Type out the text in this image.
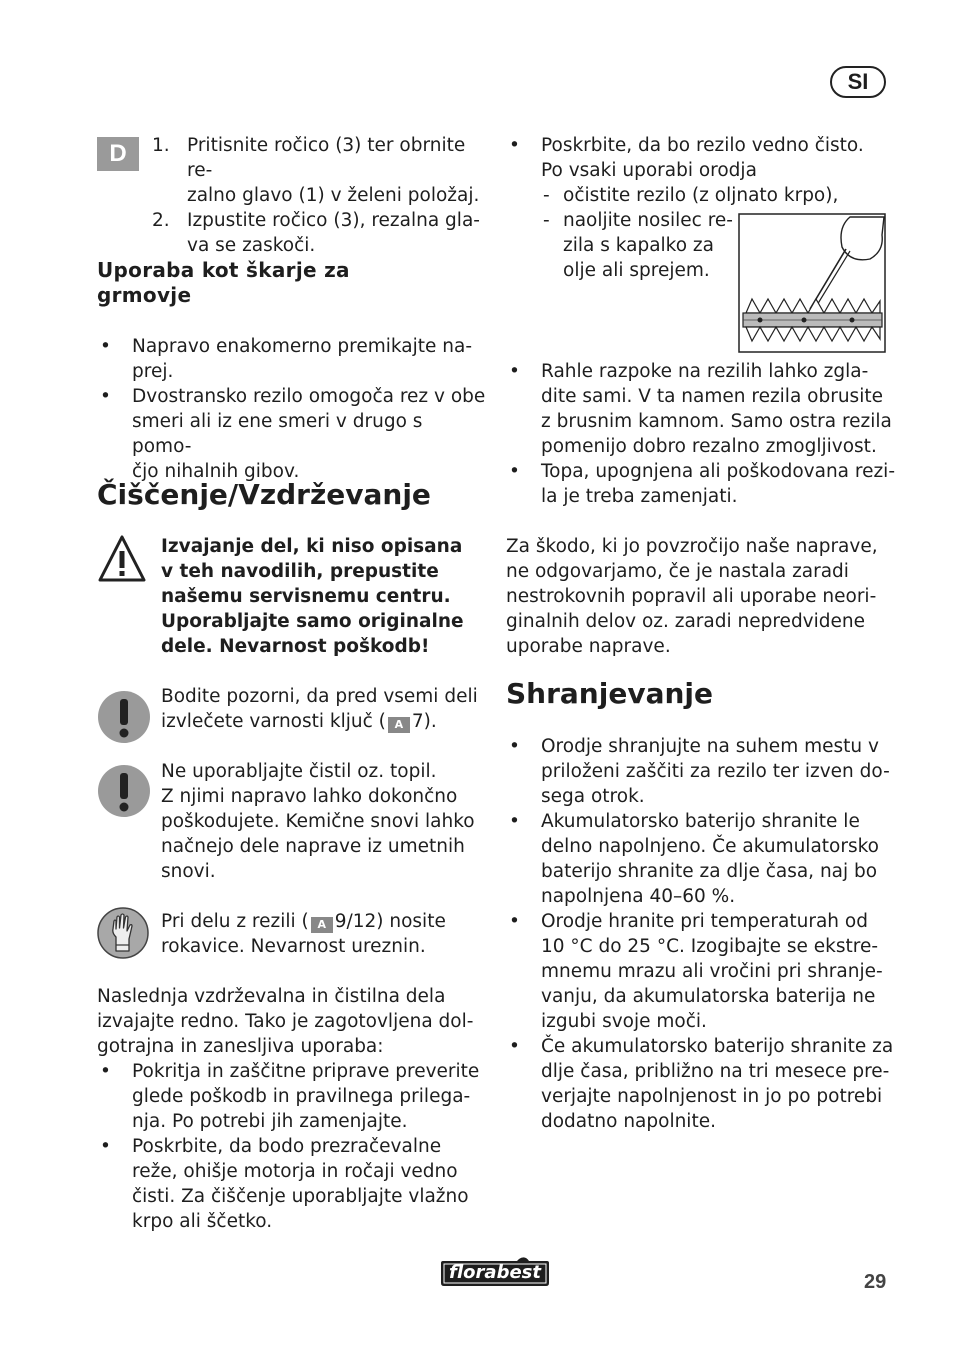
SI
D	1. Pritisnite ročico (3) ter obrnite re-
zalno glavo (1) v želeni položaj.
2. Izpustite ročico (3), rezalna gla-
va se zaskoči.
Uporaba kot škarje za
grmovje
• Napravo enakomerno premikajte na-
prej.
• Dvostransko rezilo omogoča rez v obe
smeri ali iz ene smeri v drugo s pomo-
čjo nihalnih gibov.
Čiščenje/Vzdrževanje
Izvajanje del, ki niso opisana
v teh navodilih, prepustite
našemu servisnemu centru.
Uporabljajte samo originalne
dele. Nevarnost poškodb!
Bodite pozorni, da pred vsemi deli
izvlečete varnosti ključ ( A 7).
Ne uporabljajte čistil oz. topil.
Z njimi napravo lahko dokončno
poškodujete. Kemične snovi lahko
načnejo dele naprave iz umetnih
snovi.
Pri delu z rezili ( A 9/12) nosite
rokavice. Nevarnost ureznin.
Naslednja vzdrževalna in čistilna dela
izvajajte redno. Tako je zagotovljena dol-
gotrajna in zanesljiva uporaba:
• Pokritja in zaščitne priprave preverite
glede poškodb in pravilnega prilega-
nja. Po potrebi jih zamenjajte.
• Poskrbite, da bodo prezračevalne
reže, ohišje motorja in ročaji vedno
čisti. Za čiščenje uporabljajte vlažno
krpo ali ščetko.
• Poskrbite, da bo rezilo vedno čisto.
Po vsaki uporabi orodja
- očistite rezilo (z oljnato krpo),
- naoljite nosilec re-
zila s kapalko za
olje ali sprejem.
• Rahle razpoke na rezilih lahko zgla-
dite sami. V ta namen rezila obrusite
z brusnim kamnom. Samo ostra rezila
pomenijo dobro rezalno zmogljivost.
• Topa, upognjena ali poškodovana rezi-
la je treba zamenjati.
Za škodo, ki jo povzročijo naše naprave,
ne odgovarjamo, če je nastala zaradi
nestrokovnih popravil ali uporabe neori-
ginalnih delov oz. zaradi nepredvidene
uporabe naprave.
Shranjevanje
• Orodje shranjujte na suhem mestu v
priloženi zaščiti za rezilo ter izven do-
sega otrok.
• Akumulatorsko baterijo shranite le
delno napolnjeno. Če akumulatorsko
baterijo shranite za dlje časa, naj bo
napolnjena 40–60 %.
• Orodje hranite pri temperaturah od
10 °C do 25 °C. Izogibajte se ekstre-
mnemu mrazu ali vročini pri shranje-
vanju, da akumulatorska baterija ne
izgubi svoje moči.
• Če akumulatorsko baterijo shranite za
dlje časa, približno na tri mesece pre-
verjajte napolnjenost in jo po potrebi
dodatno napolnite.
florabest	29
